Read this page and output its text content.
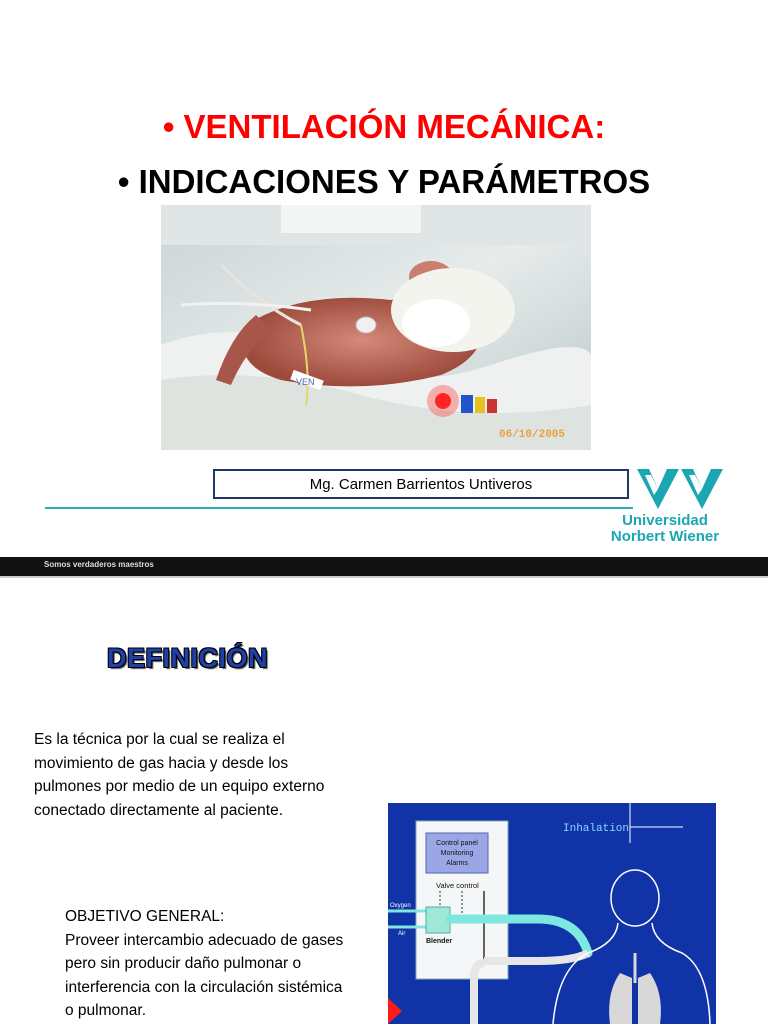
• VENTILACIÓN MECÁNICA:
• INDICACIONES Y PARÁMETROS
VEN
06/10/2005
Mg. Carmen Barrientos Untiveros
Universidad
Norbert Wiener
Somos verdaderos maestros
DEFINICIÓN
Es la técnica por la cual se realiza el movimiento de gas hacia y desde los pulmones por medio de un equipo externo conectado directamente al paciente.
OBJETIVO GENERAL:
Proveer intercambio adecuado de gases pero sin producir daño pulmonar o interferencia con la circulación sistémica o pulmonar.
Inhalation
Control panel
Monitoring
Alarms
Valve control
Oxygen
Air
Blender
